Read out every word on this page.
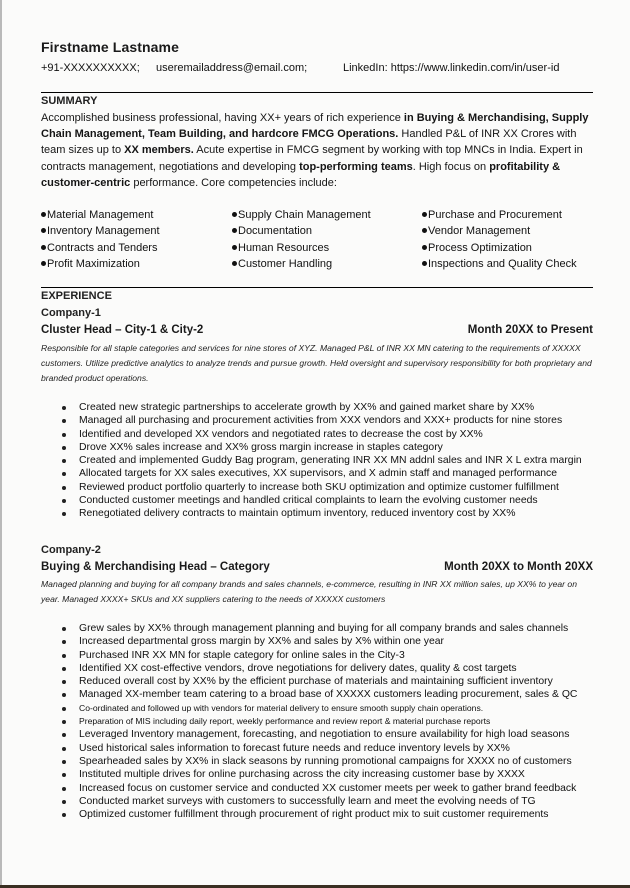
Firstname Lastname
+91-XXXXXXXXXX; useremailaddress@email.com;	LinkedIn: https://www.linkedin.com/in/user-id
SUMMARY
Accomplished business professional, having XX+ years of rich experience in Buying & Merchandising, Supply Chain Management, Team Building, and hardcore FMCG Operations. Handled P&L of INR XX Crores with team sizes up to XX members. Acute expertise in FMCG segment by working with top MNCs in India. Expert in contracts management, negotiations and developing top-performing teams. High focus on profitability & customer-centric performance. Core competencies include:
Material Management	Supply Chain Management	Purchase and Procurement
Inventory Management	Documentation	Vendor Management
Contracts and Tenders	Human Resources	Process Optimization
Profit Maximization	Customer Handling	Inspections and Quality Check
EXPERIENCE
Company-1
Cluster Head – City-1 & City-2	Month 20XX to Present
Responsible for all staple categories and services for nine stores of XYZ. Managed P&L of INR XX MN catering to the requirements of XXXXX customers. Utilize predictive analytics to analyze trends and pursue growth. Held oversight and supervisory responsibility for both proprietary and branded product operations.
Created new strategic partnerships to accelerate growth by XX% and gained market share by XX%
Managed all purchasing and procurement activities from XXX vendors and XXX+ products for nine stores
Identified and developed XX vendors and negotiated rates to decrease the cost by XX%
Drove XX% sales increase and XX% gross margin increase in staples category
Created and implemented Guddy Bag program, generating INR XX MN addnl sales and INR X L extra margin
Allocated targets for XX sales executives, XX supervisors, and X admin staff and managed performance
Reviewed product portfolio quarterly to increase both SKU optimization and optimize customer fulfillment
Conducted customer meetings and handled critical complaints to learn the evolving customer needs
Renegotiated delivery contracts to maintain optimum inventory, reduced inventory cost by XX%
Company-2
Buying & Merchandising Head – Category	Month 20XX to Month 20XX
Managed planning and buying for all company brands and sales channels, e-commerce, resulting in INR XX million sales, up XX% to year on year. Managed XXXX+ SKUs and XX suppliers catering to the needs of XXXXX customers
Grew sales by XX% through management planning and buying for all company brands and sales channels
Increased departmental gross margin by XX% and sales by X% within one year
Purchased INR XX MN for staple category for online sales in the City-3
Identified XX cost-effective vendors, drove negotiations for delivery dates, quality & cost targets
Reduced overall cost by XX% by the efficient purchase of materials and maintaining sufficient inventory
Managed XX-member team catering to a broad base of XXXXX customers leading procurement, sales & QC
Co-ordinated and followed up with vendors for material delivery to ensure smooth supply chain operations.
Preparation of MIS including daily report, weekly performance and review report & material purchase reports
Leveraged Inventory management, forecasting, and negotiation to ensure availability for high load seasons
Used historical sales information to forecast future needs and reduce inventory levels by XX%
Spearheaded sales by XX% in slack seasons by running promotional campaigns for XXXX no of customers
Instituted multiple drives for online purchasing across the city increasing customer base by XXXX
Increased focus on customer service and conducted XX customer meets per week to gather brand feedback
Conducted market surveys with customers to successfully learn and meet the evolving needs of TG
Optimized customer fulfillment through procurement of right product mix to suit customer requirements
